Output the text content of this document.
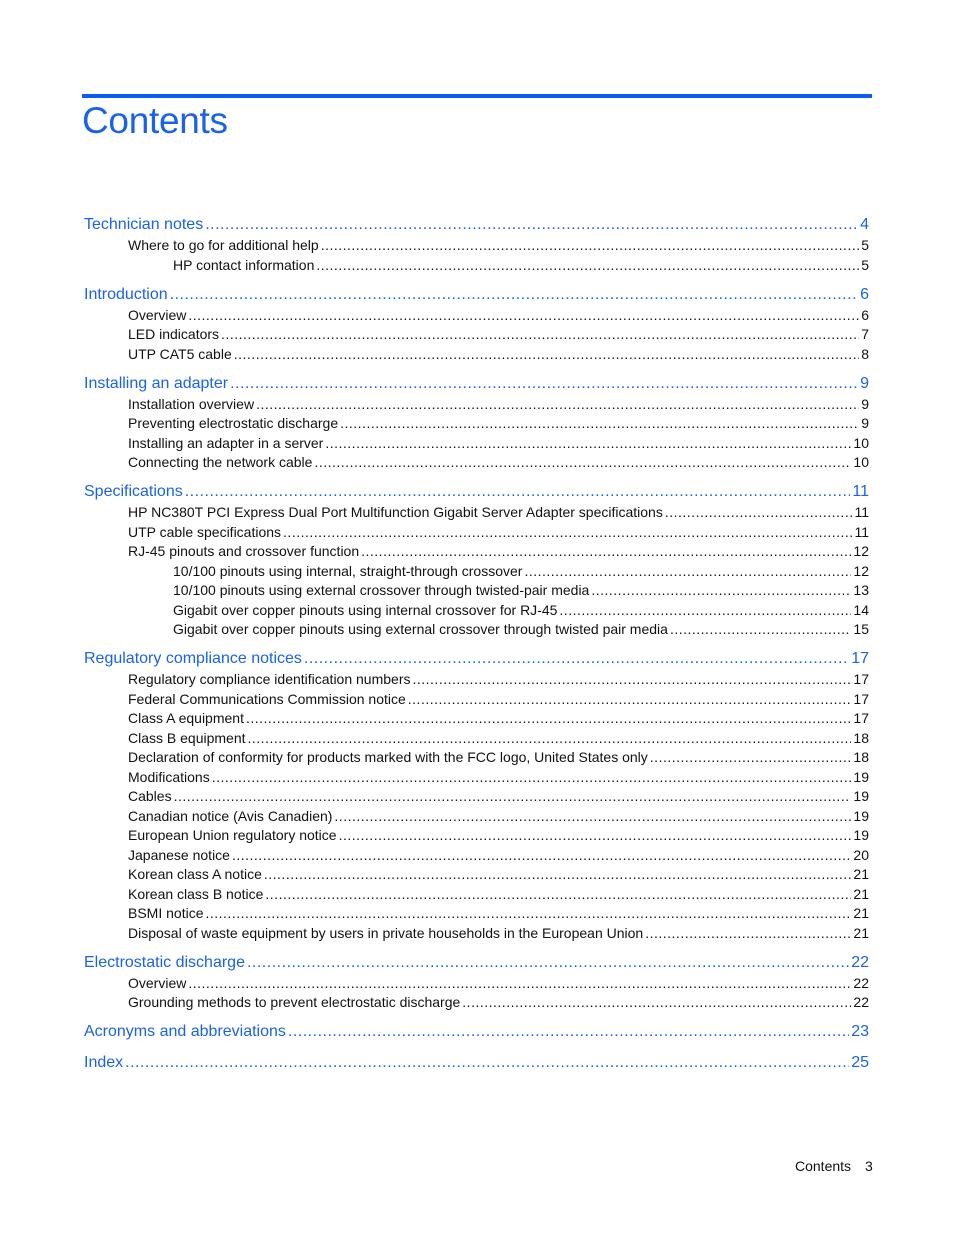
Contents
Technician notes .....	4
Where to go for additional help .....	5
HP contact information .....	5
Introduction .....	6
Overview .....	6
LED indicators .....	7
UTP CAT5 cable .....	8
Installing an adapter .....	9
Installation overview .....	9
Preventing electrostatic discharge .....	9
Installing an adapter in a server .....	10
Connecting the network cable .....	10
Specifications .....	11
HP NC380T PCI Express Dual Port Multifunction Gigabit Server Adapter specifications .....	11
UTP cable specifications .....	11
RJ-45 pinouts and crossover function .....	12
10/100 pinouts using internal, straight-through crossover .....	12
10/100 pinouts using external crossover through twisted-pair media .....	13
Gigabit over copper pinouts using internal crossover for RJ-45 .....	14
Gigabit over copper pinouts using external crossover through twisted pair media .....	15
Regulatory compliance notices .....	17
Regulatory compliance identification numbers .....	17
Federal Communications Commission notice .....	17
Class A equipment .....	17
Class B equipment .....	18
Declaration of conformity for products marked with the FCC logo, United States only .....	18
Modifications .....	19
Cables .....	19
Canadian notice (Avis Canadien) .....	19
European Union regulatory notice .....	19
Japanese notice .....	20
Korean class A notice .....	21
Korean class B notice .....	21
BSMI notice .....	21
Disposal of waste equipment by users in private households in the European Union .....	21
Electrostatic discharge .....	22
Overview .....	22
Grounding methods to prevent electrostatic discharge .....	22
Acronyms and abbreviations .....	23
Index .....	25
Contents 3
